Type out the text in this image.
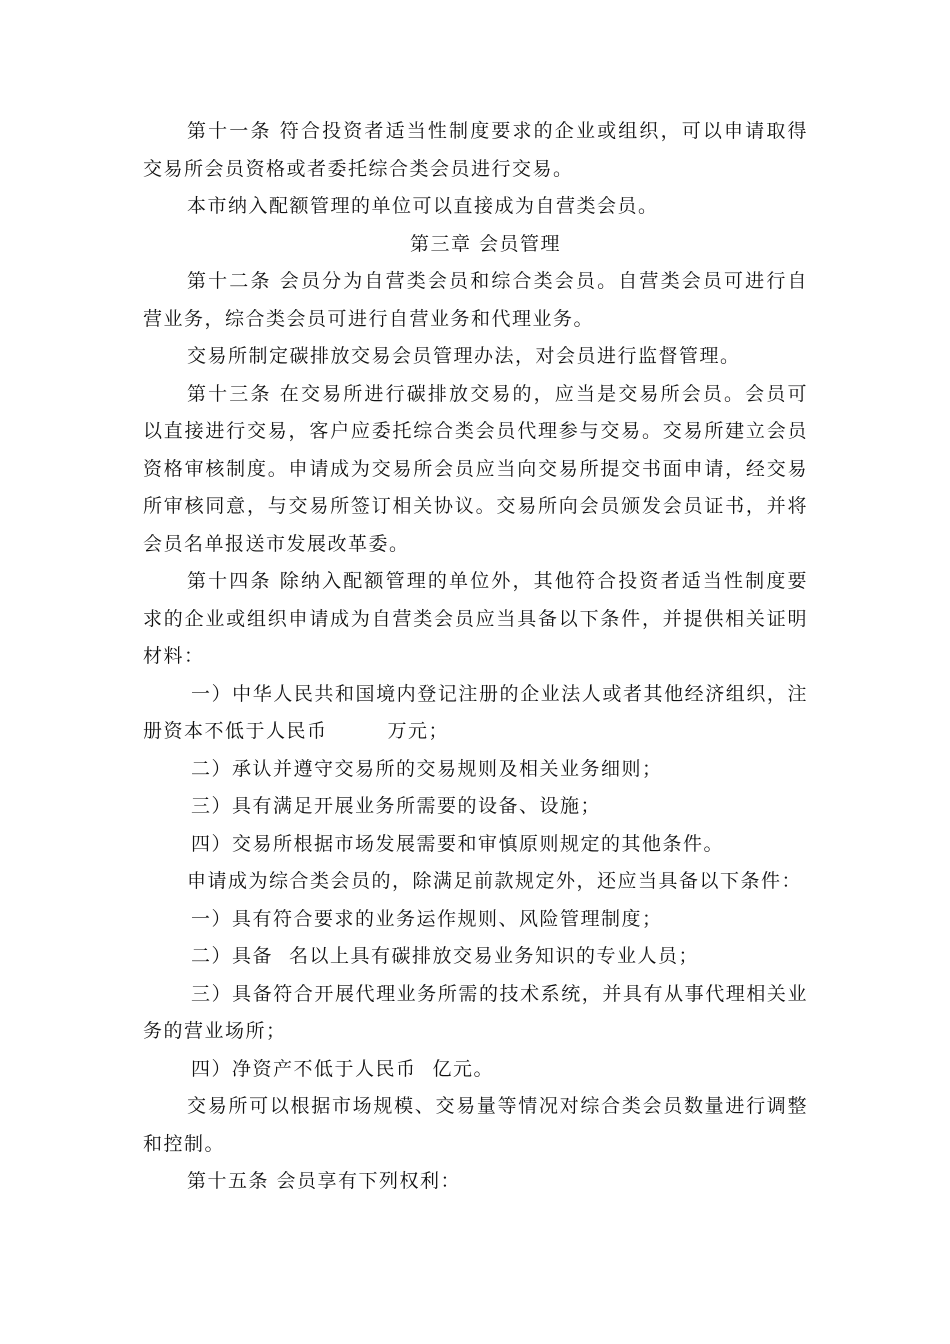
第十一条 符合投资者适当性制度要求的企业或组织，可以申请取得交易所会员资格或者委托综合类会员进行交易。

本市纳入配额管理的单位可以直接成为自营类会员。

第三章 会员管理

第十二条 会员分为自营类会员和综合类会员。自营类会员可进行自营业务，综合类会员可进行自营业务和代理业务。

交易所制定碳排放交易会员管理办法，对会员进行监督管理。

第十三条 在交易所进行碳排放交易的，应当是交易所会员。会员可以直接进行交易，客户应委托综合类会员代理参与交易。交易所建立会员资格审核制度。申请成为交易所会员应当向交易所提交书面申请，经交易所审核同意，与交易所签订相关协议。交易所向会员颁发会员证书，并将会员名单报送市发展改革委。

第十四条 除纳入配额管理的单位外，其他符合投资者适当性制度要求的企业或组织申请成为自营类会员应当具备以下条件，并提供相关证明材料：

一）中华人民共和国境内登记注册的企业法人或者其他经济组织，注册资本不低于人民币	万元；

二）承认并遵守交易所的交易规则及相关业务细则；

三）具有满足开展业务所需要的设备、设施；

四）交易所根据市场发展需要和审慎原则规定的其他条件。

申请成为综合类会员的，除满足前款规定外，还应当具备以下条件：

一）具有符合要求的业务运作规则、风险管理制度；

二）具备 名以上具有碳排放交易业务知识的专业人员；

三）具备符合开展代理业务所需的技术系统，并具有从事代理相关业务的营业场所；

四）净资产不低于人民币 亿元。

交易所可以根据市场规模、交易量等情况对综合类会员数量进行调整和控制。

第十五条 会员享有下列权利：
